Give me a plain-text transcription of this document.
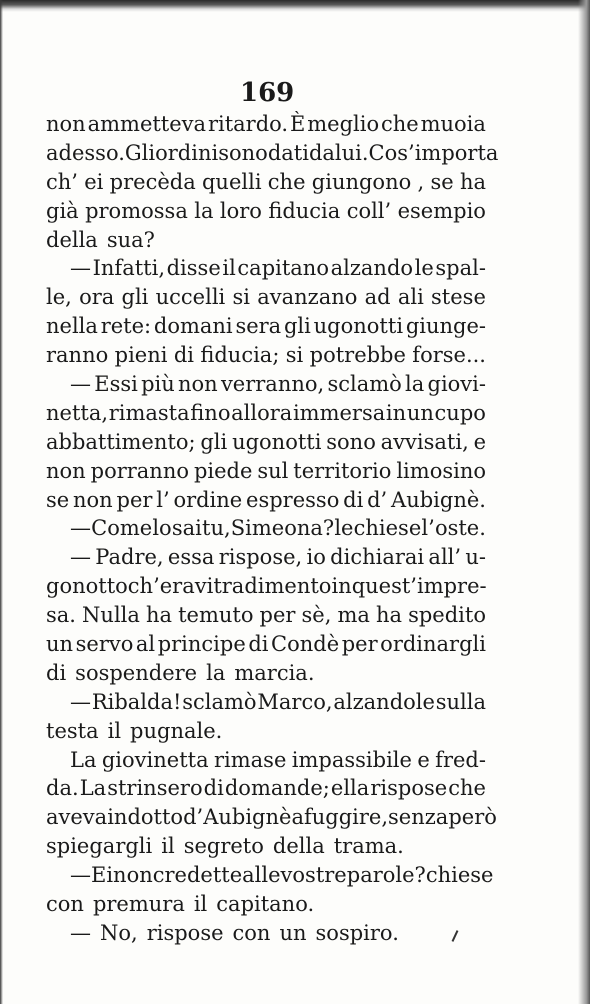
169
non ammetteva ritardo. È meglio che muoia
adesso. Gli ordini sono dati da lui. Cos’ importa
ch’ ei precèda quelli che giungono , se ha
già promossa la loro fiducia coll’ esempio
della sua?
— Infatti, disse il capitano alzando le spal-
le, ora gli uccelli si avanzano ad ali stese
nella rete: domani sera gli ugonotti giunge-
ranno pieni di fiducia; si potrebbe forse...
— Essi più non verranno, sclamò la giovi-
netta, rimasta fino allora immersa in un cupo
abbattimento; gli ugonotti sono avvisati, e
non porranno piede sul territorio limosino
se non per l’ ordine espresso di d’ Aubignè.
— Come lo sai tu, Simeona? le chiese l’ oste.
— Padre, essa rispose, io dichiarai all’ u-
gonotto ch’ eravi tradimento in quest’ impre-
sa. Nulla ha temuto per sè, ma ha spedito
un servo al principe di Condè per ordinargli
di sospendere la marcia.
— Ribalda! sclamò Marco, alzandole sulla
testa il pugnale.
La giovinetta rimase impassibile e fred-
da. La strinsero di domande; ella rispose che
aveva indotto d’ Aubignè a fuggire, senza però
spiegargli il segreto della trama.
— Ei non credette alle vostre parole? chiese
con premura il capitano.
— No, rispose con un sospiro.
